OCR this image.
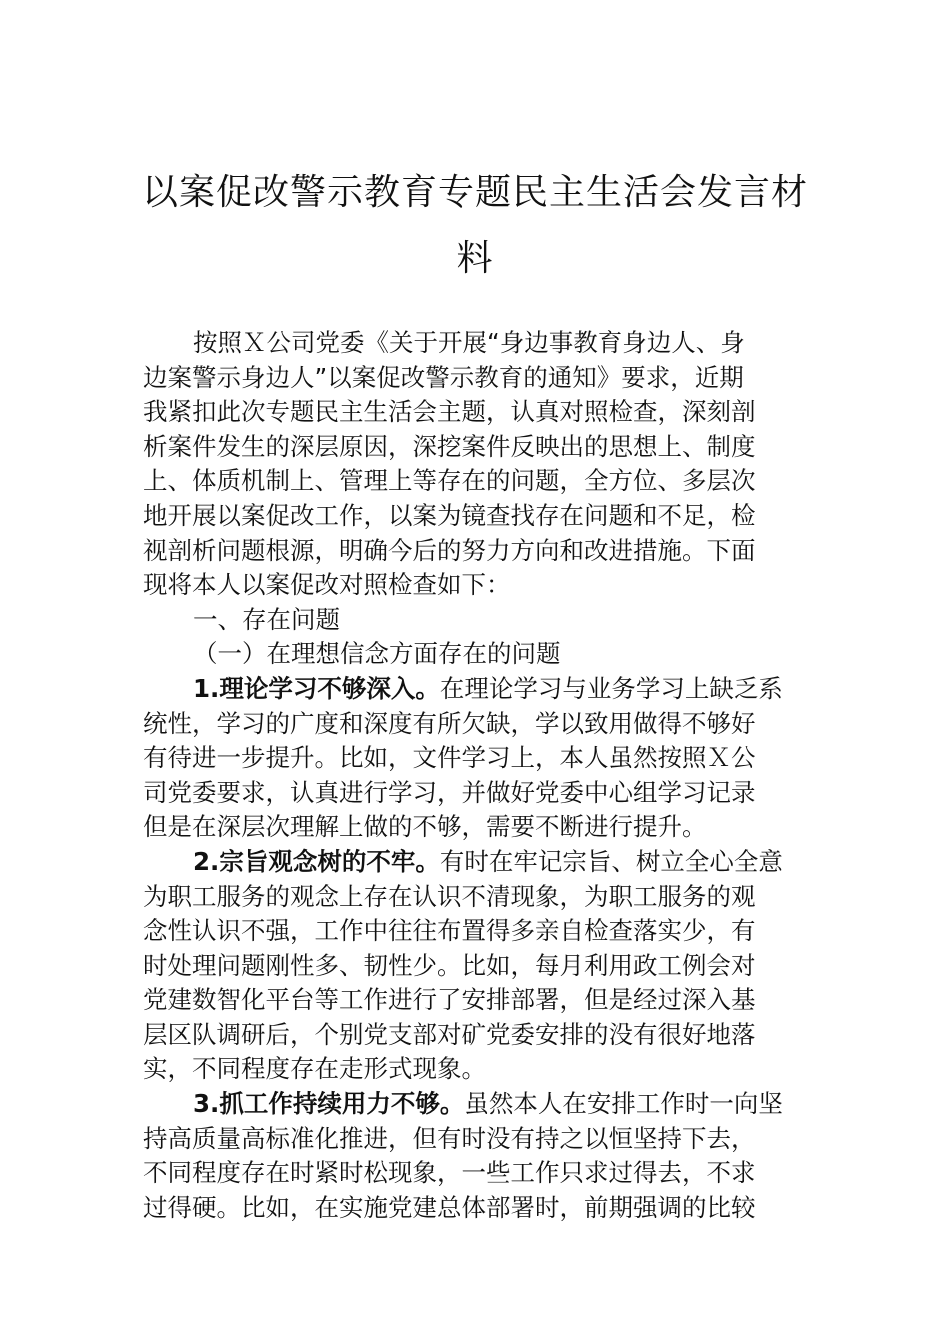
以案促改警示教育专题民主生活会发言材
料
按照Ｘ公司党委《关于开展“身边事教育身边人、身
边案警示身边人”以案促改警示教育的通知》要求，近期
我紧扣此次专题民主生活会主题，认真对照检查，深刻剖
析案件发生的深层原因，深挖案件反映出的思想上、制度
上、体质机制上、管理上等存在的问题，全方位、多层次
地开展以案促改工作，以案为镜查找存在问题和不足，检
视剖析问题根源，明确今后的努力方向和改进措施。下面
现将本人以案促改对照检查如下：
一、存在问题
（一）在理想信念方面存在的问题
1.理论学习不够深入。在理论学习与业务学习上缺乏系
统性，学习的广度和深度有所欠缺，学以致用做得不够好
有待进一步提升。比如，文件学习上，本人虽然按照Ｘ公
司党委要求，认真进行学习，并做好党委中心组学习记录
但是在深层次理解上做的不够，需要不断进行提升。
2.宗旨观念树的不牢。有时在牢记宗旨、树立全心全意
为职工服务的观念上存在认识不清现象，为职工服务的观
念性认识不强，工作中往往布置得多亲自检查落实少，有
时处理问题刚性多、韧性少。比如，每月利用政工例会对
党建数智化平台等工作进行了安排部署，但是经过深入基
层区队调研后，个别党支部对矿党委安排的没有很好地落
实，不同程度存在走形式现象。
3.抓工作持续用力不够。虽然本人在安排工作时一向坚
持高质量高标准化推进，但有时没有持之以恒坚持下去，
不同程度存在时紧时松现象，一些工作只求过得去，不求
过得硬。比如，在实施党建总体部署时，前期强调的比较
